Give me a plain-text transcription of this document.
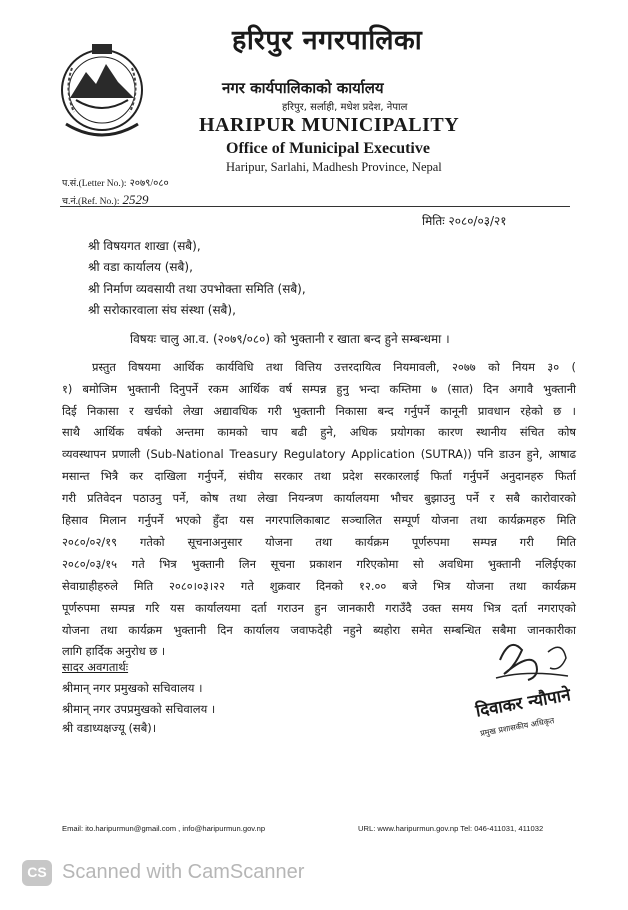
हरिपुर नगरपालिका
नगर कार्यपालिकाको कार्यालय
हरिपुर, सर्लाही, मधेश प्रदेश, नेपाल
HARIPUR MUNICIPALITY
Office of Municipal Executive
Haripur, Sarlahi, Madhesh Province, Nepal
प.सं.(Letter No.): २०७९/०८०
च.नं.(Ref. No.): 2529
मितिः २०८०/०३/२१
श्री विषयगत शाखा (सबै),
श्री वडा कार्यालय (सबै),
श्री निर्माण व्यवसायी तथा उपभोक्ता समिति (सबै),
श्री सरोकारवाला संघ संस्था (सबै),
विषयः चालु आ.व. (२०७९/०८०) को भुक्तानी र खाता बन्द हुने सम्बन्धमा ।
प्रस्तुत विषयमा आर्थिक कार्यविधि तथा वित्तिय उत्तरदायित्व नियमावली, २०७७ को नियम ३० (
१) बमोजिम भुक्तानी दिनुपर्ने रकम आर्थिक वर्ष सम्पन्न हुनु भन्दा कम्तिमा ७ (सात) दिन अगावै भुक्तानी
दिई निकासा र खर्चको लेखा अद्यावधिक गरी भुक्तानी निकासा बन्द गर्नुपर्ने कानूनी प्रावधान रहेको छ ।
साथै आर्थिक वर्षको अन्तमा कामको चाप बढी हुने, अधिक प्रयोगका कारण स्थानीय संचित कोष
व्यवस्थापन प्रणाली (Sub-National Treasury Regulatory Application (SUTRA)) पनि डाउन हुने, आषाढ
मसान्त भित्रै कर दाखिला गर्नुपर्ने, संघीय सरकार तथा प्रदेश सरकारलाई फिर्ता गर्नुपर्ने अनुदानहरु फिर्ता
गरी प्रतिवेदन पठाउनु पर्ने, कोष तथा लेखा नियन्त्रण कार्यालयमा भौचर बुझाउनु पर्ने र सबै कारोवारको
हिसाव मिलान गर्नुपर्ने भएको हुँदा यस नगरपालिकाबाट सञ्चालित सम्पूर्ण योजना तथा कार्यक्रमहरु मिति
२०८०/०२/१९ गतेको सूचनाअनुसार योजना तथा कार्यक्रम पूर्णरुपमा सम्पन्न गरी मिति
२०८०/०३/१५ गते भित्र भुक्तानी लिन सूचना प्रकाशन गरिएकोमा सो अवधिमा भुक्तानी नलिईएका
सेवाग्राहीहरुले मिति २०८०।०३।२२ गते शुक्रवार दिनको १२.०० बजे भित्र योजना तथा कार्यक्रम
पूर्णरुपमा सम्पन्न गरि यस कार्यालयमा दर्ता गराउन हुन जानकारी गराउँदै उक्त समय भित्र दर्ता नगराएको
योजना तथा कार्यक्रम भुक्तानी दिन कार्यालय जवाफदेही नहुने ब्यहोरा समेत सम्बन्धित सबैमा जानकारीका
लागि हार्दिक अनुरोध छ ।
सादर अवगतार्थः
श्रीमान् नगर प्रमुखको सचिवालय ।
श्रीमान् नगर उपप्रमुखको सचिवालय ।
श्री वडाध्यक्षज्यू (सबै)।
दिवाकर न्यौपाने
प्रमुख प्रशासकीय अधिकृत
Email: ito.haripurmun@gmail.com , info@haripurmun.gov.np	URL: www.haripurmun.gov.np Tel: 046-411031, 411032
CS Scanned with CamScanner
